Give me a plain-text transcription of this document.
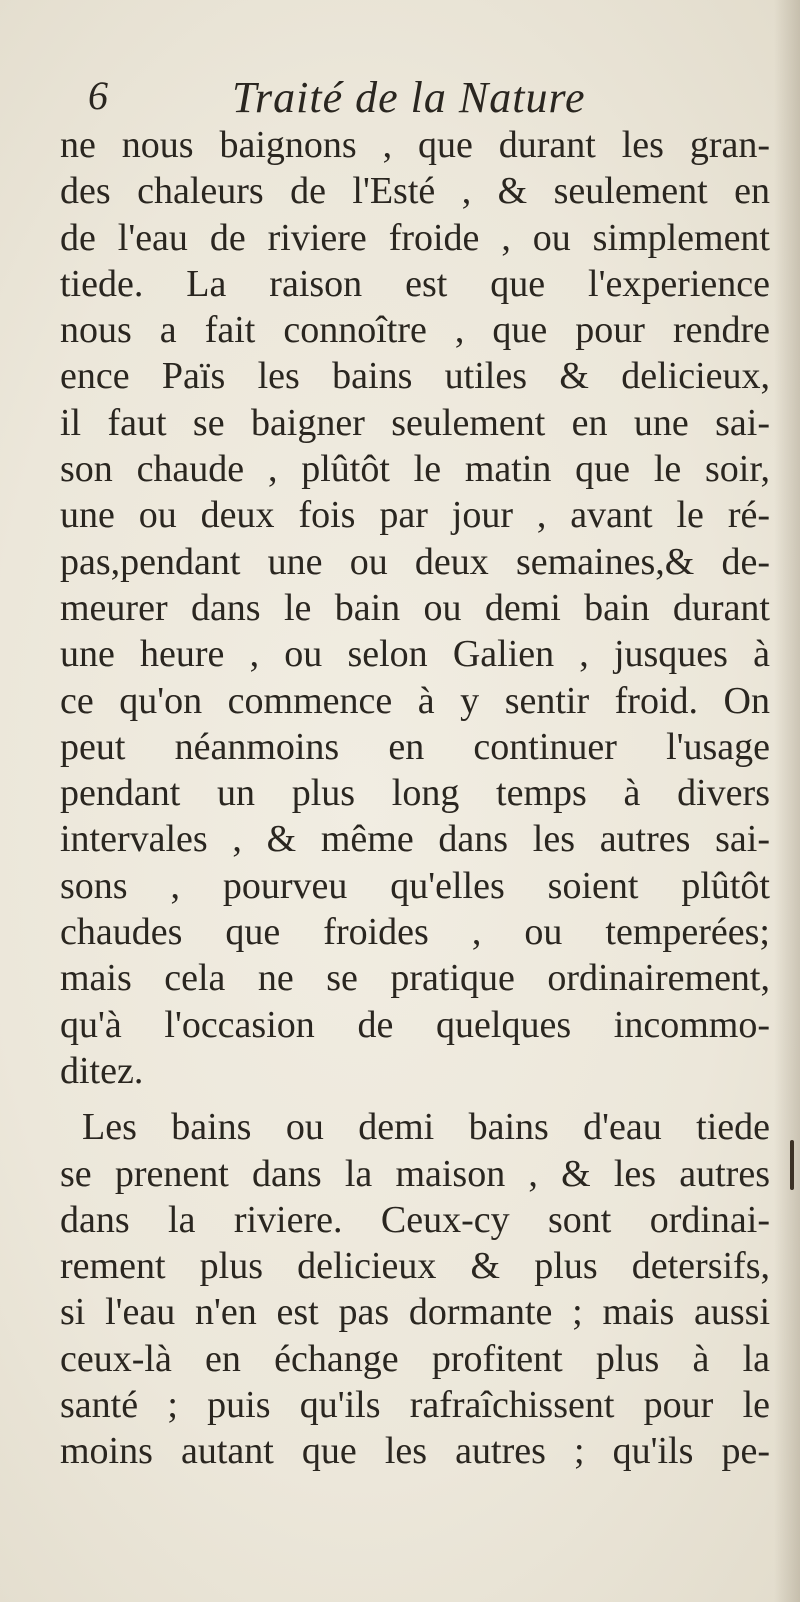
6	Traité de la Nature
ne nous baignons , que durant les gran-
des chaleurs de l'Esté , & seulement en
de l'eau de riviere froide , ou simplement
tiede. La raison est que l'experience
nous a fait connoître , que pour rendre
ence Païs les bains utiles & delicieux,
il faut se baigner seulement en une sai-
son chaude , plûtôt le matin que le soir,
une ou deux fois par jour , avant le ré-
pas,pendant une ou deux semaines,& de-
meurer dans le bain ou demi bain durant
une heure , ou selon Galien , jusques à
ce qu'on commence à y sentir froid. On
peut néanmoins en continuer l'usage
pendant un plus long temps à divers
intervales , & même dans les autres sai-
sons , pourveu qu'elles soient plûtôt
chaudes que froides , ou temperées;
mais cela ne se pratique ordinairement,
qu'à l'occasion de quelques incommo-
ditez.
Les bains ou demi bains d'eau tiede
se prenent dans la maison , & les autres
dans la riviere. Ceux-cy sont ordinai-
rement plus delicieux & plus detersifs,
si l'eau n'en est pas dormante ; mais aussi
ceux-là en échange profitent plus à la
santé ; puis qu'ils rafraîchissent pour le
moins autant que les autres ; qu'ils pe-
